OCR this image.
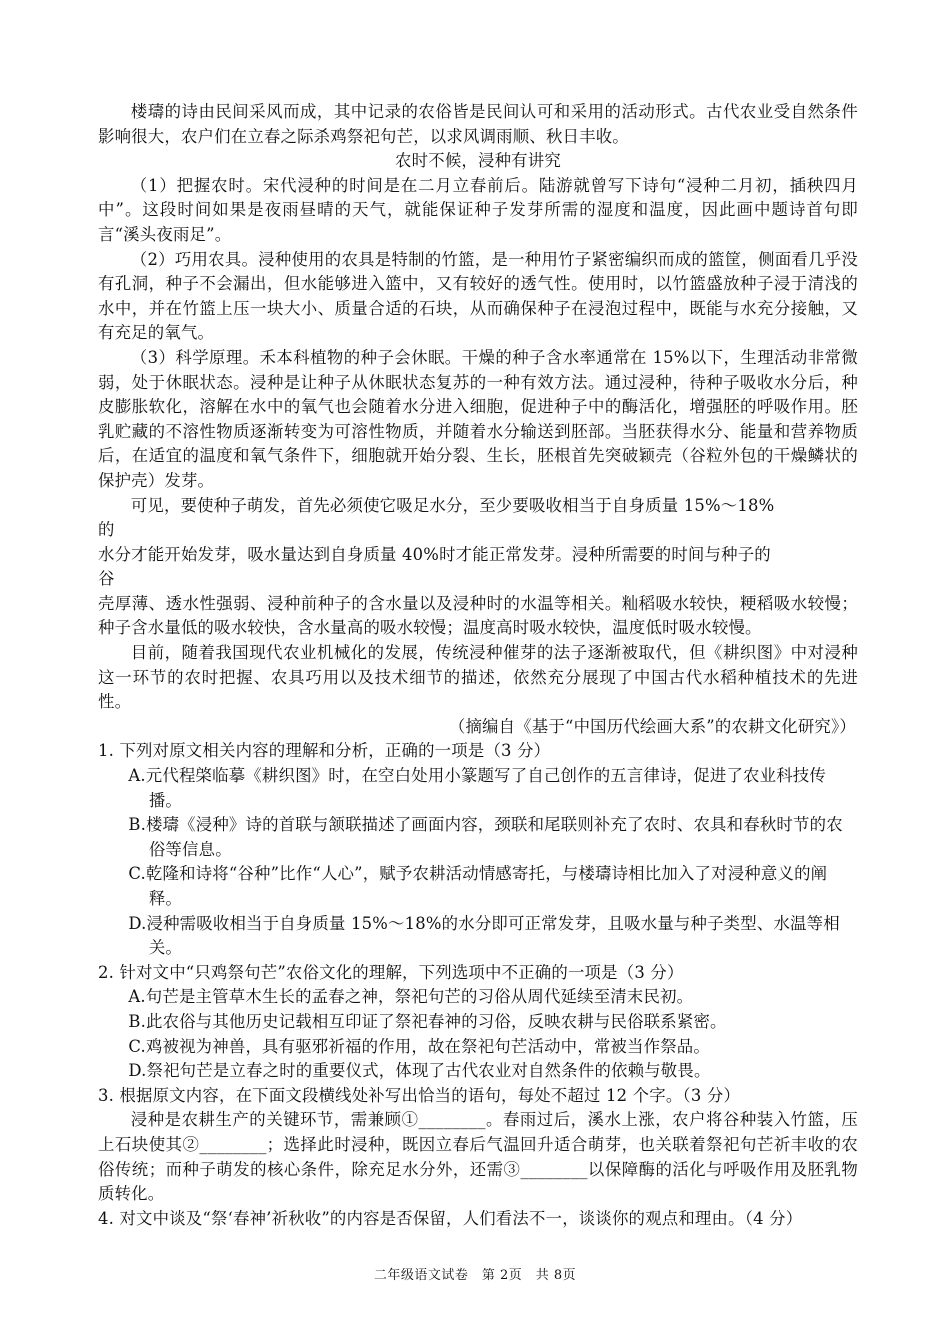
楼璹的诗由民间采风而成，其中记录的农俗皆是民间认可和采用的活动形式。古代农业受自然条件影响很大，农户们在立春之际杀鸡祭祀句芒，以求风调雨顺、秋日丰收。

农时不候，浸种有讲究

（1）把握农时。宋代浸种的时间是在二月立春前后。陆游就曾写下诗句“浸种二月初，插秧四月中”。这段时间如果是夜雨昼晴的天气，就能保证种子发芽所需的湿度和温度，因此画中题诗首句即言“溪头夜雨足”。

（2）巧用农具。浸种使用的农具是特制的竹篮，是一种用竹子紧密编织而成的篮筐，侧面看几乎没有孔洞，种子不会漏出，但水能够进入篮中，又有较好的透气性。使用时，以竹篮盛放种子浸于清浅的水中，并在竹篮上压一块大小、质量合适的石块，从而确保种子在浸泡过程中，既能与水充分接触，又有充足的氧气。

（3）科学原理。禾本科植物的种子会休眠。干燥的种子含水率通常在 15%以下，生理活动非常微弱，处于休眠状态。浸种是让种子从休眠状态复苏的一种有效方法。通过浸种，待种子吸收水分后，种皮膨胀软化，溶解在水中的氧气也会随着水分进入细胞，促进种子中的酶活化，增强胚的呼吸作用。胚乳贮藏的不溶性物质逐渐转变为可溶性物质，并随着水分输送到胚部。当胚获得水分、能量和营养物质后，在适宜的温度和氧气条件下，细胞就开始分裂、生长，胚根首先突破颖壳（谷粒外包的干燥鳞状的保护壳）发芽。

可见，要使种子萌发，首先必须使它吸足水分，至少要吸收相当于自身质量 15%～18%

的

水分才能开始发芽，吸水量达到自身质量 40%时才能正常发芽。浸种所需要的时间与种子的

谷

壳厚薄、透水性强弱、浸种前种子的含水量以及浸种时的水温等相关。籼稻吸水较快，粳稻吸水较慢；种子含水量低的吸水较快，含水量高的吸水较慢；温度高时吸水较快，温度低时吸水较慢。

目前，随着我国现代农业机械化的发展，传统浸种催芽的法子逐渐被取代，但《耕织图》中对浸种这一环节的农时把握、农具巧用以及技术细节的描述，依然充分展现了中国古代水稻种植技术的先进性。

（摘编自《基于“中国历代绘画大系”的农耕文化研究》）

1. 下列对原文相关内容的理解和分析，正确的一项是（3 分）

A.元代程棨临摹《耕织图》时，在空白处用小篆题写了自己创作的五言律诗，促进了农业科技传播。

B.楼璹《浸种》诗的首联与颔联描述了画面内容，颈联和尾联则补充了农时、农具和春秋时节的农俗等信息。

C.乾隆和诗将“谷种”比作“人心”，赋予农耕活动情感寄托，与楼璹诗相比加入了对浸种意义的阐释。

D.浸种需吸收相当于自身质量 15%～18%的水分即可正常发芽，且吸水量与种子类型、水温等相关。

2. 针对文中“只鸡祭句芒”农俗文化的理解，下列选项中不正确的一项是（3 分）

A.句芒是主管草木生长的孟春之神，祭祀句芒的习俗从周代延续至清末民初。

B.此农俗与其他历史记载相互印证了祭祀春神的习俗，反映农耕与民俗联系紧密。

C.鸡被视为神兽，具有驱邪祈福的作用，故在祭祀句芒活动中，常被当作祭品。

D.祭祀句芒是立春之时的重要仪式，体现了古代农业对自然条件的依赖与敬畏。

3. 根据原文内容，在下面文段横线处补写出恰当的语句，每处不超过 12 个字。（3 分）

浸种是农耕生产的关键环节，需兼顾①________。春雨过后，溪水上涨，农户将谷种装入竹篮，压上石块使其②________；选择此时浸种，既因立春后气温回升适合萌芽，也关联着祭祀句芒祈丰收的农俗传统；而种子萌发的核心条件，除充足水分外，还需③________以保障酶的活化与呼吸作用及胚乳物质转化。

4. 对文中谈及“祭‘春神’祈秋收”的内容是否保留，人们看法不一，谈谈你的观点和理由。（4 分）

二年级语文试卷　第 2页　共 8页
